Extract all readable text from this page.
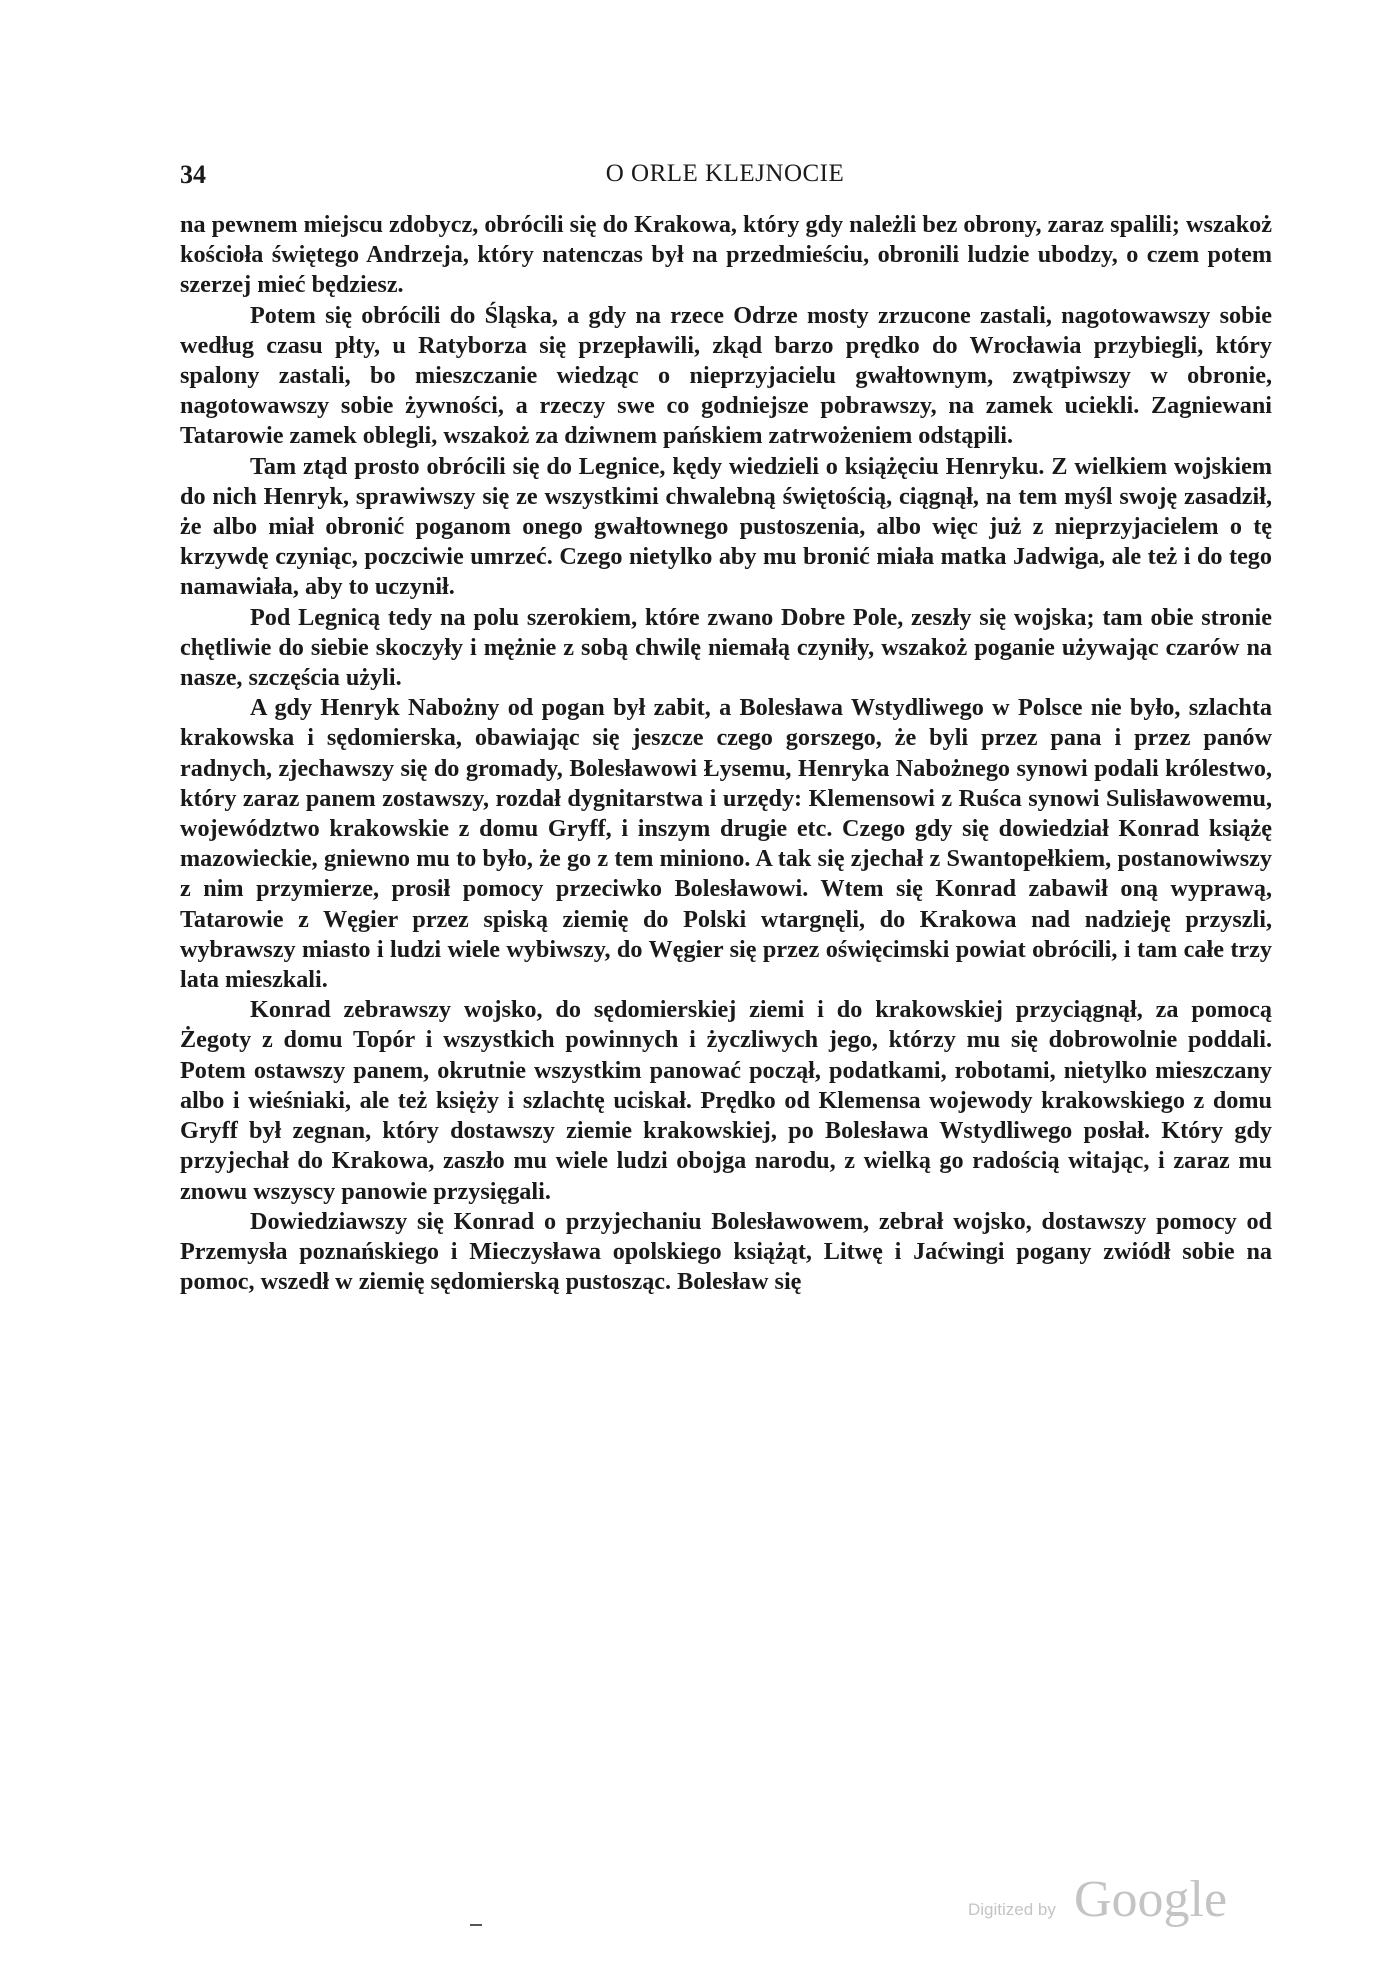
34	O ORLE KLEJNOCIE

na pewnem miejscu zdobycz, obrócili się do Krakowa, który gdy należli bez obrony, zaraz spalili; wszakoż kościoła świętego Andrzeja, który natenczas był na przedmieściu, obronili ludzie ubodzy, o czem potem szerzej mieć będziesz.

Potem się obrócili do Śląska, a gdy na rzece Odrze mosty zrzucone zastali, nagotowawszy sobie według czasu płty, u Ratyborza się przepławili, zkąd barzo prędko do Wrocławia przybiegli, który spalony zastali, bo mieszczanie wiedząc o nieprzyjacielu gwałtownym, zwątpiwszy w obronie, nagotowawszy sobie żywności, a rzeczy swe co godniejsze pobrawszy, na zamek uciekli. Zagniewani Tatarowie zamek oblegli, wszakoż za dziwnem pańskiem zatrwożeniem odstąpili.

Tam ztąd prosto obrócili się do Legnice, kędy wiedzieli o książęciu Henryku. Z wielkiem wojskiem do nich Henryk, sprawiwszy się ze wszystkimi chwalebną świętością, ciągnął, na tem myśl swoję zasadził, że albo miał obronić poganom onego gwałtownego pustoszenia, albo więc już z nieprzyjacielem o tę krzywdę czyniąc, poczciwie umrzeć. Czego nietylko aby mu bronić miała matka Jadwiga, ale też i do tego namawiała, aby to uczynił.

Pod Legnicą tedy na polu szerokiem, które zwano Dobre Pole, zeszły się wojska; tam obie stronie chętliwie do siebie skoczyły i mężnie z sobą chwilę niemałą czyniły, wszakoż poganie używając czarów na nasze, szczęścia użyli.

A gdy Henryk Nabożny od pogan był zabit, a Bolesława Wstydliwego w Polsce nie było, szlachta krakowska i sędomierska, obawiając się jeszcze czego gorszego, że byli przez pana i przez panów radnych, zjechawszy się do gromady, Bolesławowi Łysemu, Henryka Nabożnego synowi podali królestwo, który zaraz panem zostawszy, rozdał dygnitarstwa i urzędy: Klemensowi z Ruśca synowi Sulisławowemu, województwo krakowskie z domu Gryff, i inszym drugie etc. Czego gdy się dowiedział Konrad książę mazowieckie, gniewno mu to było, że go z tem miniono. A tak się zjechał z Swantopełkiem, postanowiwszy z nim przymierze, prosił pomocy przeciwko Bolesławowi. Wtem się Konrad zabawił oną wyprawą, Tatarowie z Węgier przez spiską ziemię do Polski wtargnęli, do Krakowa nad nadzieję przyszli, wybrawszy miasto i ludzi wiele wybiwszy, do Węgier się przez oświęcimski powiat obrócili, i tam całe trzy lata mieszkali.

Konrad zebrawszy wojsko, do sędomierskiej ziemi i do krakowskiej przyciągnął, za pomocą Żegoty z domu Topór i wszystkich powinnych i życzliwych jego, którzy mu się dobrowolnie poddali. Potem ostawszy panem, okrutnie wszystkim panować począł, podatkami, robotami, nietylko mieszczany albo i wieśniaki, ale też księży i szlachtę uciskał. Prędko od Klemensa wojewody krakowskiego z domu Gryff był zegnan, który dostawszy ziemie krakowskiej, po Bolesława Wstydliwego posłał. Który gdy przyjechał do Krakowa, zaszło mu wiele ludzi obojga narodu, z wielką go radością witając, i zaraz mu znowu wszyscy panowie przysięgali.

Dowiedziawszy się Konrad o przyjechaniu Bolesławowem, zebrał wojsko, dostawszy pomocy od Przemysła poznańskiego i Mieczysława opolskiego książąt, Litwę i Jaćwingi pogany zwiódł sobie na pomoc, wszedł w ziemię sędomierską pustosząc. Bolesław się

Digitized by Google
